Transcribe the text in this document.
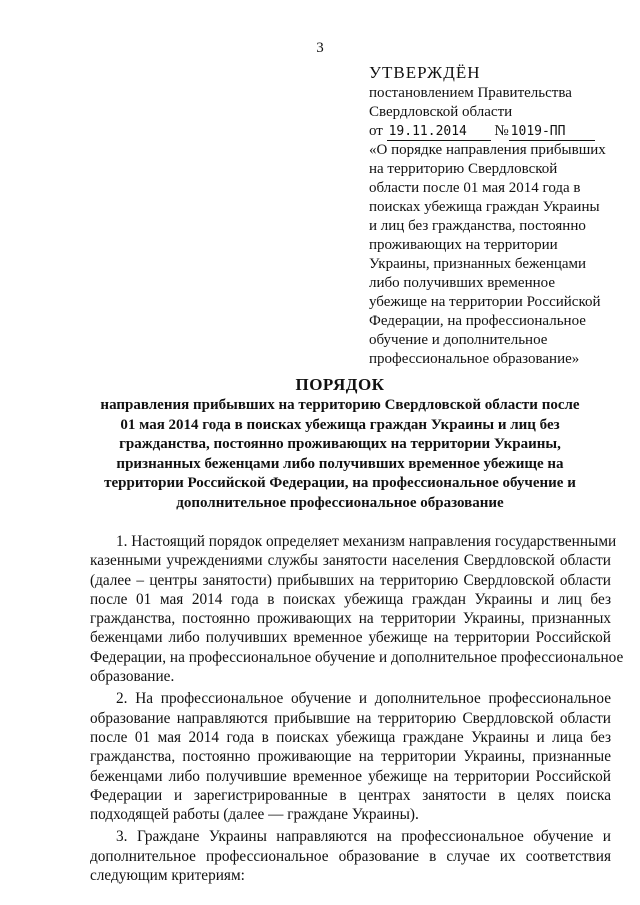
3
УТВЕРЖДЁН
постановлением Правительства
Свердловской области
от 19.11.2014 № 1019-ПП
«О порядке направления прибывших
на территорию Свердловской
области после 01 мая 2014 года в
поисках убежища граждан Украины
и лиц без гражданства, постоянно
проживающих на территории
Украины, признанных беженцами
либо получивших временное
убежище на территории Российской
Федерации, на профессиональное
обучение и дополнительное
профессиональное образование»
ПОРЯДОК
направления прибывших на территорию Свердловской области после
01 мая 2014 года в поисках убежища граждан Украины и лиц без
гражданства, постоянно проживающих на территории Украины,
признанных беженцами либо получивших временное убежище на
территории Российской Федерации, на профессиональное обучение и
дополнительное профессиональное образование
1. Настоящий порядок определяет механизм направления государственными
казенными учреждениями службы занятости населения Свердловской области
(далее – центры занятости) прибывших на территорию Свердловской области
после 01 мая 2014 года в поисках убежища граждан Украины и лиц без
гражданства, постоянно проживающих на территории Украины, признанных
беженцами либо получивших временное убежище на территории Российской
Федерации, на профессиональное обучение и дополнительное профессиональное
образование.
2. На профессиональное обучение и дополнительное профессиональное
образование направляются прибывшие на территорию Свердловской области
после 01 мая 2014 года в поисках убежища граждане Украины и лица без
гражданства, постоянно проживающие на территории Украины, признанные
беженцами либо получившие временное убежище на территории Российской
Федерации и зарегистрированные в центрах занятости в целях поиска
подходящей работы (далее — граждане Украины).
3. Граждане Украины направляются на профессиональное обучение и
дополнительное профессиональное образование в случае их соответствия
следующим критериям:
